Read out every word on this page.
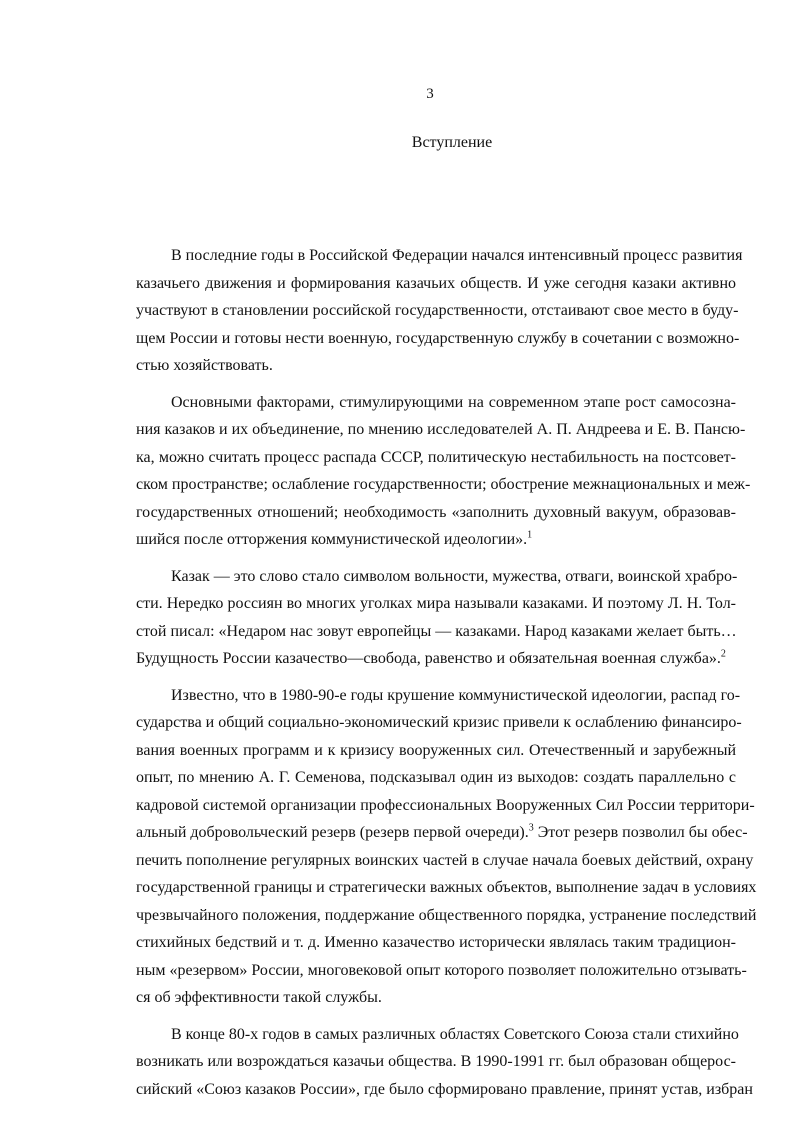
3
Вступление
В последние годы в Российской Федерации начался интенсивный процесс развития
казачьего движения и формирования казачьих обществ. И уже сегодня казаки активно
участвуют в становлении российской государственности, отстаивают свое место в буду-
щем России и готовы нести военную, государственную службу в сочетании с возможно-
стью хозяйствовать.
Основными факторами, стимулирующими на современном этапе рост самосозна-
ния казаков и их объединение, по мнению исследователей А. П. Андреева и Е. В. Пансю-
ка, можно считать процесс распада СССР, политическую нестабильность на постсовет-
ском пространстве; ослабление государственности; обострение межнациональных и меж-
государственных отношений; необходимость «заполнить духовный вакуум, образовав-
шийся после отторжения коммунистической идеологии».$^1$
Казак — это слово стало символом вольности, мужества, отваги, воинской храбро-
сти. Нередко россиян во многих уголках мира называли казаками. И поэтому Л. Н. Тол-
стой писал: «Недаром нас зовут европейцы — казаками. Народ казаками желает быть…
Будущность России казачество—свобода, равенство и обязательная военная служба».$^2$
Известно, что в 1980-90-е годы крушение коммунистической идеологии, распад го-
сударства и общий социально-экономический кризис привели к ослаблению финансиро-
вания военных программ и к кризису вооруженных сил. Отечественный и зарубежный
опыт, по мнению А. Г. Семенова, подсказывал один из выходов: создать параллельно с
кадровой системой организации профессиональных Вооруженных Сил России территори-
альный добровольческий резерв (резерв первой очереди).$^3$ Этот резерв позволил бы обес-
печить пополнение регулярных воинских частей в случае начала боевых действий, охрану
государственной границы и стратегически важных объектов, выполнение задач в условиях
чрезвычайного положения, поддержание общественного порядка, устранение последствий
стихийных бедствий и т. д. Именно казачество исторически являлась таким традицион-
ным «резервом» России, многовековой опыт которого позволяет положительно отзывать-
ся об эффективности такой службы.
В конце 80-х годов в самых различных областях Советского Союза стали стихийно
возникать или возрождаться казачьи общества. В 1990-1991 гг. был образован общерос-
сийский «Союз казаков России», где было сформировано правление, принят устав, избран
